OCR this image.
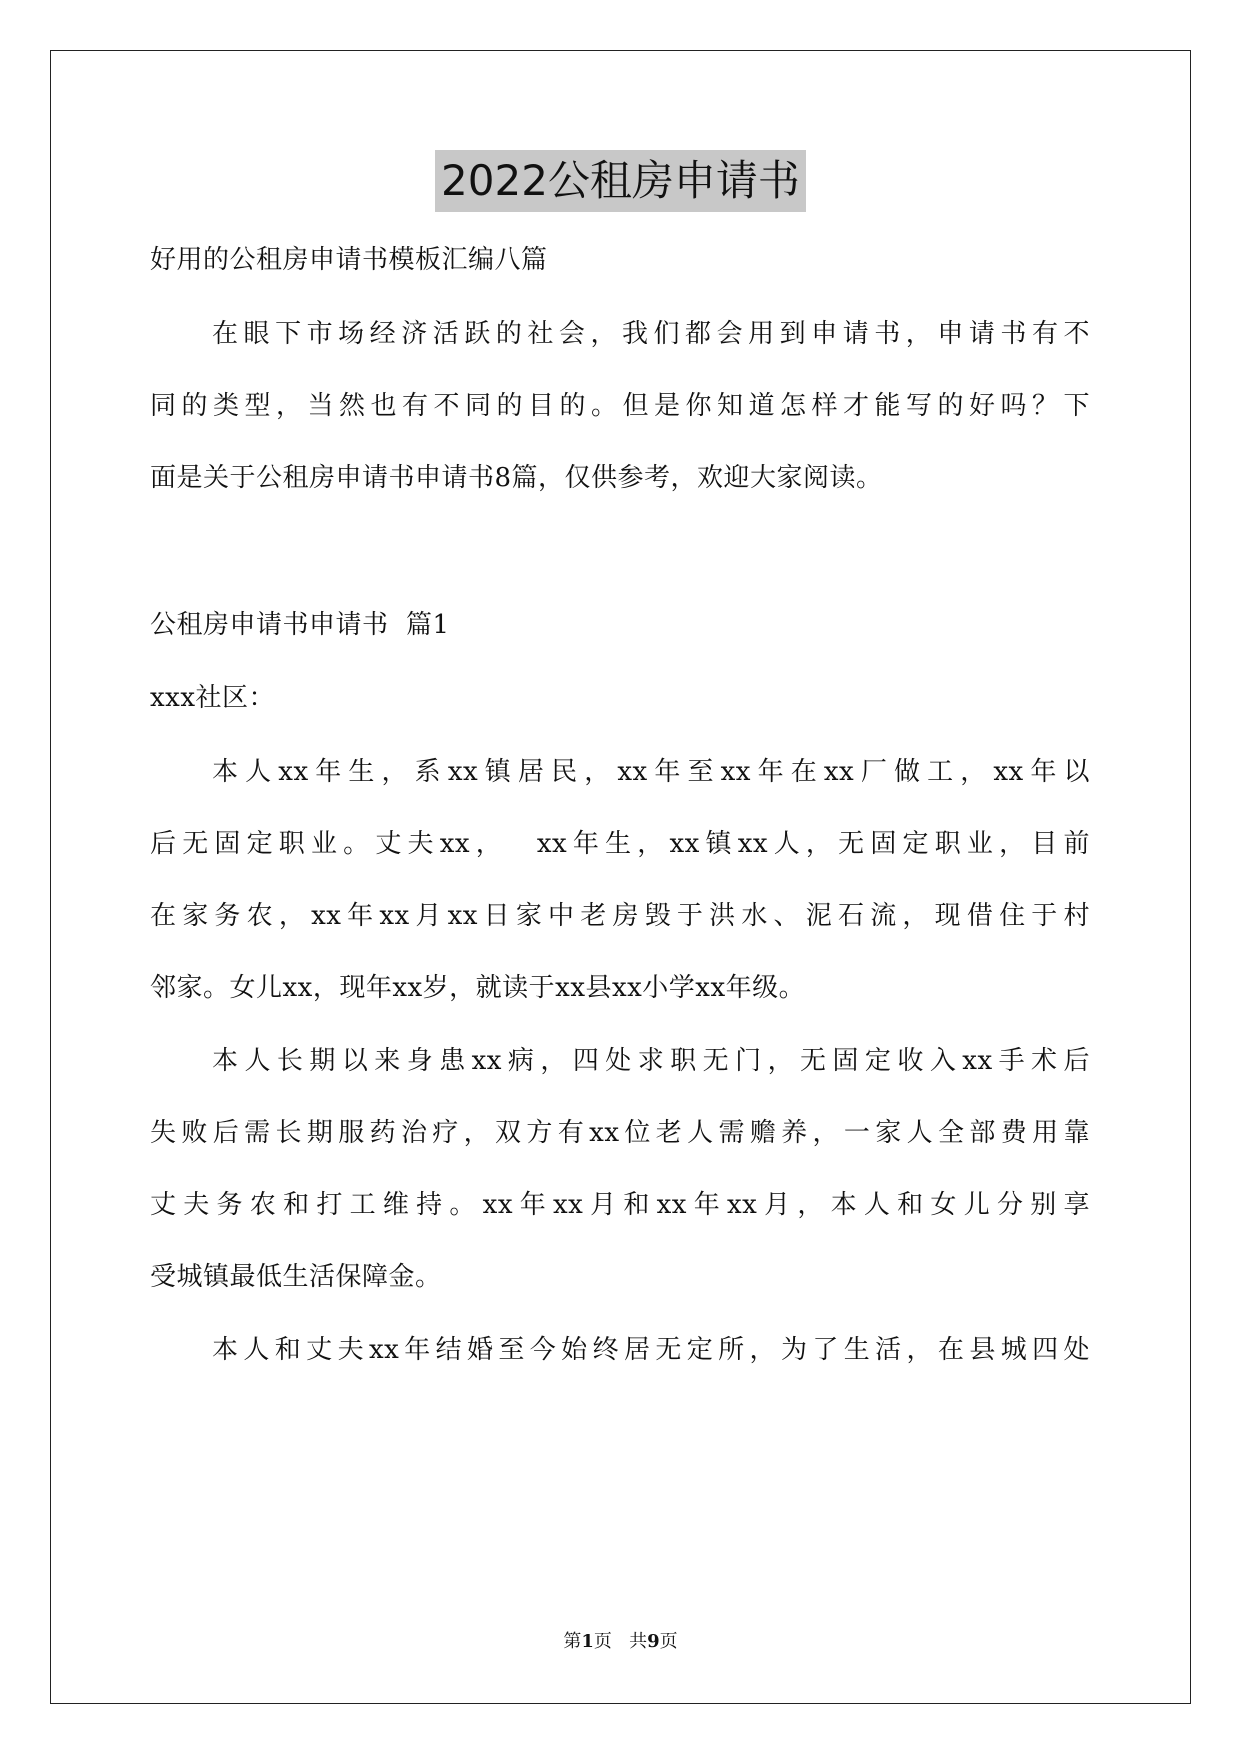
2022公租房申请书
好用的公租房申请书模板汇编八篇
在眼下市场经济活跃的社会，我们都会用到申请书，申请书有不
同的类型，当然也有不同的目的。但是你知道怎样才能写的好吗？下
面是关于公租房申请书申请书8篇，仅供参考，欢迎大家阅读。
公租房申请书申请书  篇1
xxx社区：
本人xx年生，系xx镇居民，xx年至xx年在xx厂做工，xx年以
后无固定职业。丈夫xx，  xx年生，xx镇xx人，无固定职业，目前
在家务农，xx年xx月xx日家中老房毁于洪水、泥石流，现借住于村
邻家。女儿xx，现年xx岁，就读于xx县xx小学xx年级。
本人长期以来身患xx病，四处求职无门，无固定收入xx手术后
失败后需长期服药治疗，双方有xx位老人需赡养，一家人全部费用靠
丈夫务农和打工维持。xx年xx月和xx年xx月，本人和女儿分别享
受城镇最低生活保障金。
本人和丈夫xx年结婚至今始终居无定所，为了生活，在县城四处
第1页   共9页
